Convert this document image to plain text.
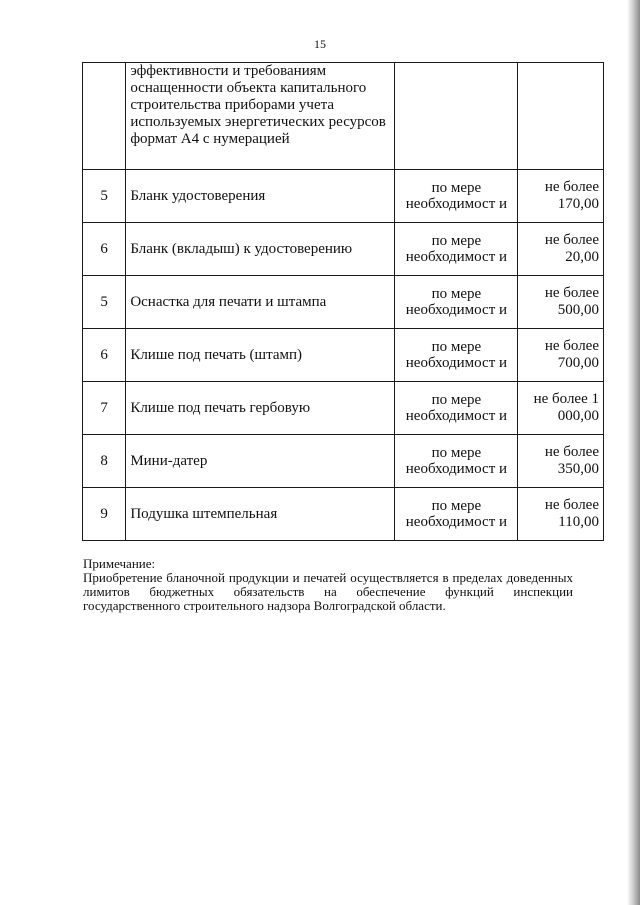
15
	эффективности и требованиям оснащенности объекта капитального строительства приборами учета используемых энергетических ресурсов формат А4 с нумерацией		
5	Бланк удостоверения	по мере необходимост и	не более 170,00
6	Бланк (вкладыш) к удостоверению	по мере необходимост и	не более 20,00
5	Оснастка для печати и штампа	по мере необходимост и	не более 500,00
6	Клише под печать (штамп)	по мере необходимост и	не более 700,00
7	Клише под печать гербовую	по мере необходимост и	не более 1 000,00
8	Мини-датер	по мере необходимост и	не более 350,00
9	Подушка штемпельная	по мере необходимост и	не более 110,00

Примечание:

Приобретение бланочной продукции и печатей осуществляется в пределах доведенных лимитов бюджетных обязательств на обеспечение функций инспекции государственного строительного надзора Волгоградской области.
